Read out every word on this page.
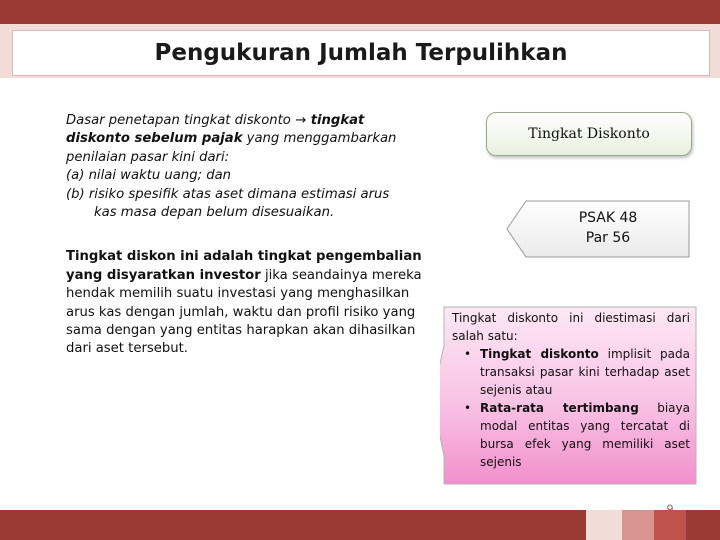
Pengukuran Jumlah Terpulihkan

Dasar penetapan tingkat diskonto → tingkat diskonto sebelum pajak yang menggambarkan penilaian pasar kini dari:
(a) nilai waktu uang; dan
(b) risiko spesifik atas aset dimana estimasi arus
kas masa depan belum disesuaikan.

Tingkat diskon ini adalah tingkat pengembalian yang disyaratkan investor jika seandainya mereka hendak memilih suatu investasi yang menghasilkan arus kas dengan jumlah, waktu dan profil risiko yang sama dengan yang entitas harapkan akan dihasilkan dari aset tersebut.

Tingkat Diskonto
PSAK 48
Par 56
Tingkat diskonto ini diestimasi dari salah satu:
• Tingkat diskonto implisit pada transaksi pasar kini terhadap aset sejenis atau
• Rata-rata tertimbang biaya modal entitas yang tercatat di bursa efek yang memiliki aset sejenis
9
